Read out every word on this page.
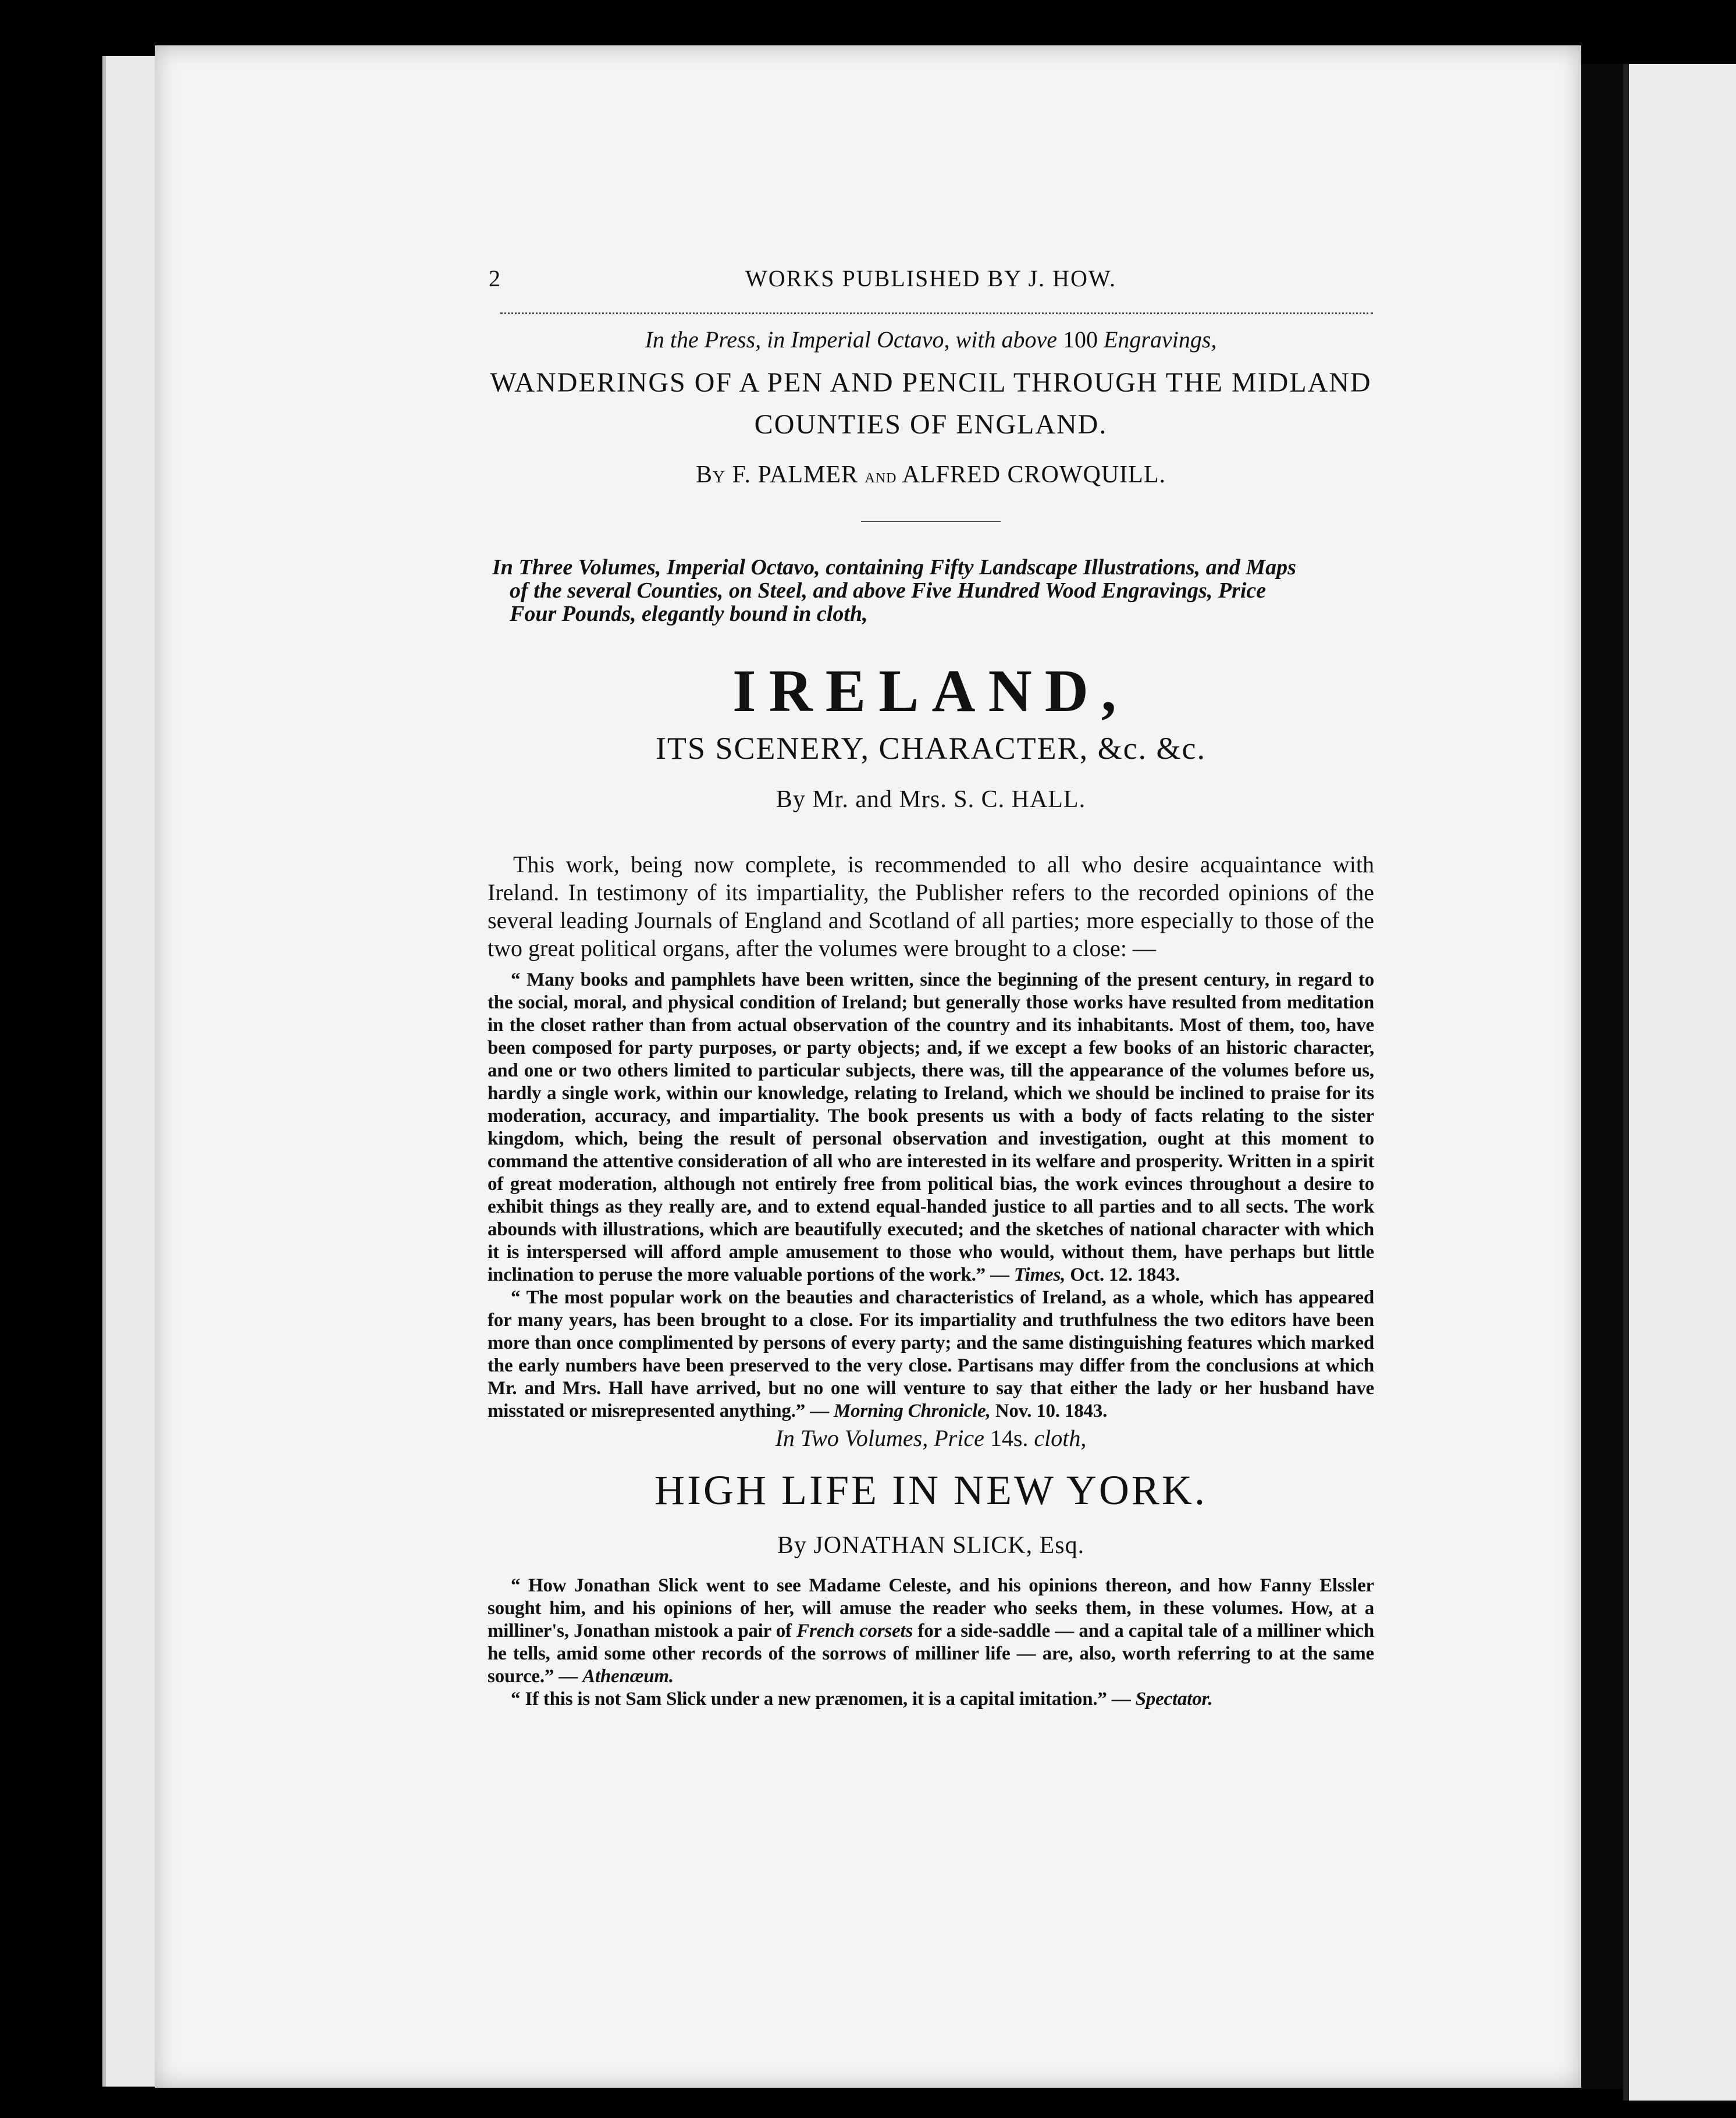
2	WORKS PUBLISHED BY J. HOW.
In the Press, in Imperial Octavo, with above 100 Engravings,
WANDERINGS OF A PEN AND PENCIL THROUGH THE MIDLAND
COUNTIES OF ENGLAND.
By F. PALMER and ALFRED CROWQUILL.
In Three Volumes, Imperial Octavo, containing Fifty Landscape Illustrations, and Maps
of the several Counties, on Steel, and above Five Hundred Wood Engravings, Price
Four Pounds, elegantly bound in cloth,
IRELAND,
ITS SCENERY, CHARACTER, &c. &c.
By Mr. and Mrs. S. C. HALL.

This work, being now complete, is recommended to all who desire acquaintance with Ireland. In testimony of its impartiality, the Publisher refers to the recorded opinions of the several leading Journals of England and Scotland of all parties; more especially to those of the two great political organs, after the volumes were brought to a close: —

“ Many books and pamphlets have been written, since the beginning of the present century, in regard to the social, moral, and physical condition of Ireland; but generally those works have resulted from meditation in the closet rather than from actual observation of the country and its inhabitants. Most of them, too, have been composed for party purposes, or party objects; and, if we except a few books of an historic character, and one or two others limited to particular subjects, there was, till the appearance of the volumes before us, hardly a single work, within our knowledge, relating to Ireland, which we should be inclined to praise for its moderation, accuracy, and impartiality. The book presents us with a body of facts relating to the sister kingdom, which, being the result of personal observation and investigation, ought at this moment to command the attentive consideration of all who are interested in its welfare and prosperity. Written in a spirit of great moderation, although not entirely free from political bias, the work evinces throughout a desire to exhibit things as they really are, and to extend equal-handed justice to all parties and to all sects. The work abounds with illustrations, which are beautifully executed; and the sketches of national character with which it is interspersed will afford ample amusement to those who would, without them, have perhaps but little inclination to peruse the more valuable portions of the work.” — Times, Oct. 12. 1843.

“ The most popular work on the beauties and characteristics of Ireland, as a whole, which has appeared for many years, has been brought to a close. For its impartiality and truthfulness the two editors have been more than once complimented by persons of every party; and the same distinguishing features which marked the early numbers have been preserved to the very close. Partisans may differ from the conclusions at which Mr. and Mrs. Hall have arrived, but no one will venture to say that either the lady or her husband have misstated or misrepresented anything.” — Morning Chronicle, Nov. 10. 1843.

In Two Volumes, Price 14s. cloth,
HIGH LIFE IN NEW YORK.
By JONATHAN SLICK, Esq.

“ How Jonathan Slick went to see Madame Celeste, and his opinions thereon, and how Fanny Elssler sought him, and his opinions of her, will amuse the reader who seeks them, in these volumes. How, at a milliner's, Jonathan mistook a pair of French corsets for a side-saddle — and a capital tale of a milliner which he tells, amid some other records of the sorrows of milliner life — are, also, worth referring to at the same source.” — Athenæum.

“ If this is not Sam Slick under a new prænomen, it is a capital imitation.” — Spectator.
